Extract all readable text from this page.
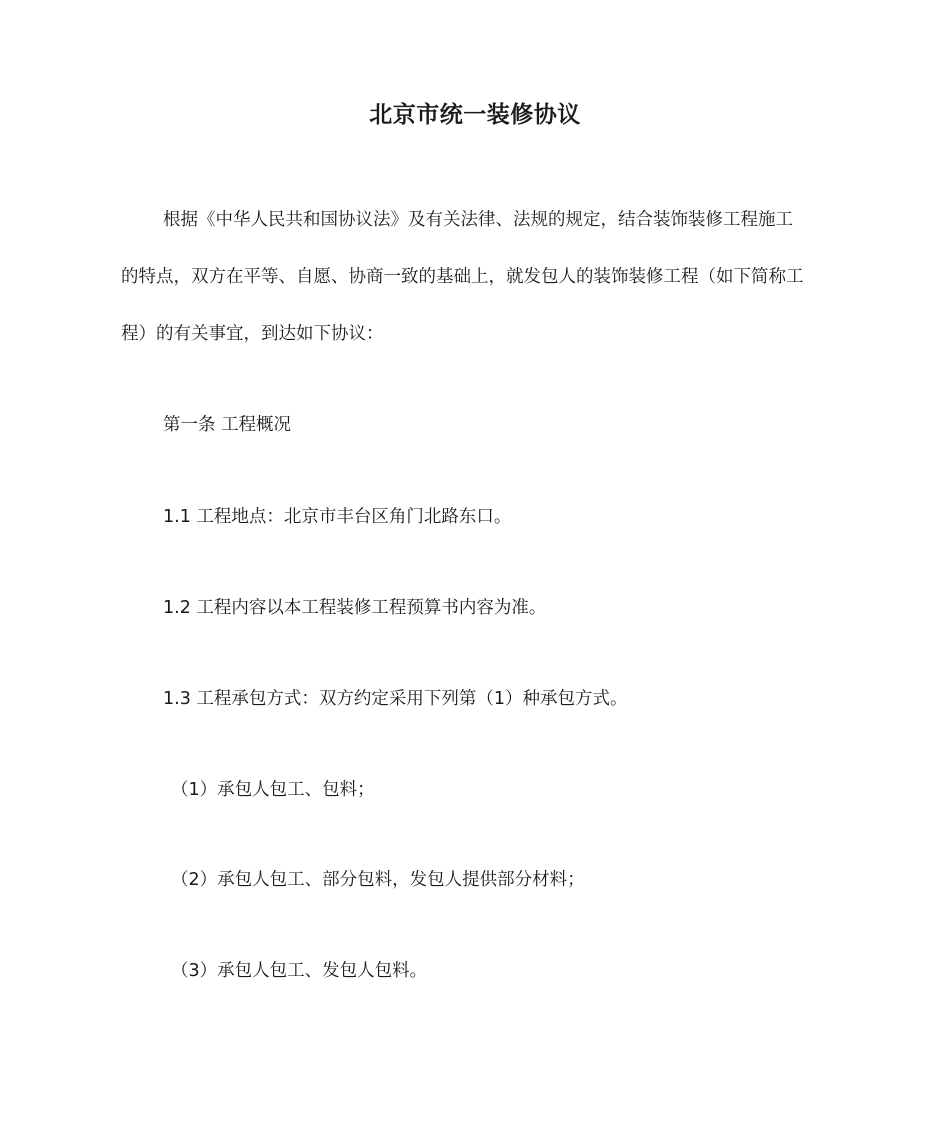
北京市统一装修协议
根据《中华人民共和国协议法》及有关法律、法规的规定，结合装饰装修工程施工
的特点，双方在平等、自愿、协商一致的基础上，就发包人的装饰装修工程（如下简称工
程）的有关事宜，到达如下协议：
第一条 工程概况
1.1 工程地点：北京市丰台区角门北路东口。
1.2 工程内容以本工程装修工程预算书内容为准。
1.3 工程承包方式：双方约定采用下列第（1）种承包方式。
（1）承包人包工、包料；
（2）承包人包工、部分包料，发包人提供部分材料；
（3）承包人包工、发包人包料。
